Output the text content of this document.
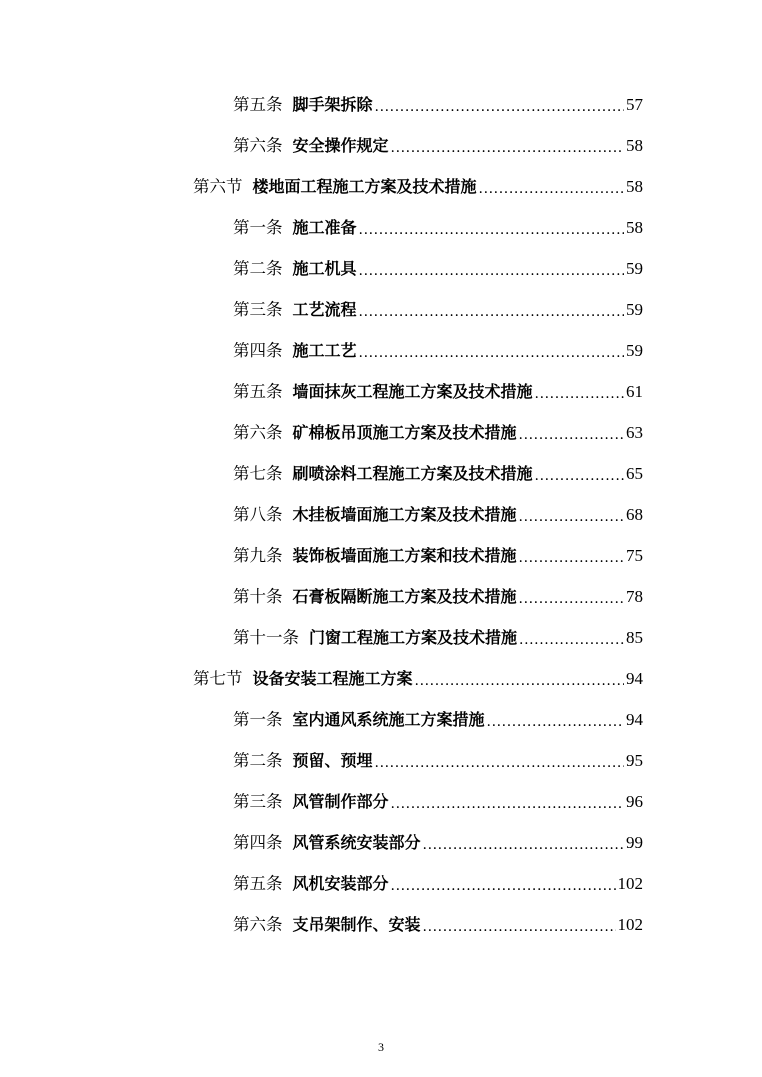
第五条 脚手架拆除 .....	57
第六条 安全操作规定 .....	58
第六节 楼地面工程施工方案及技术措施 .....	58
第一条 施工准备 .....	58
第二条 施工机具 .....	59
第三条 工艺流程 .....	59
第四条 施工工艺 .....	59
第五条 墙面抹灰工程施工方案及技术措施 .....	61
第六条 矿棉板吊顶施工方案及技术措施 .....	63
第七条 刷喷涂料工程施工方案及技术措施 .....	65
第八条 木挂板墙面施工方案及技术措施 .....	68
第九条 装饰板墙面施工方案和技术措施 .....	75
第十条 石膏板隔断施工方案及技术措施 .....	78
第十一条 门窗工程施工方案及技术措施 .....	85
第七节 设备安装工程施工方案 .....	94
第一条 室内通风系统施工方案措施 .....	94
第二条 预留、预埋 .....	95
第三条 风管制作部分 .....	96
第四条 风管系统安装部分 .....	99
第五条 风机安装部分 .....	102
第六条 支吊架制作、安装 .....	102
3
